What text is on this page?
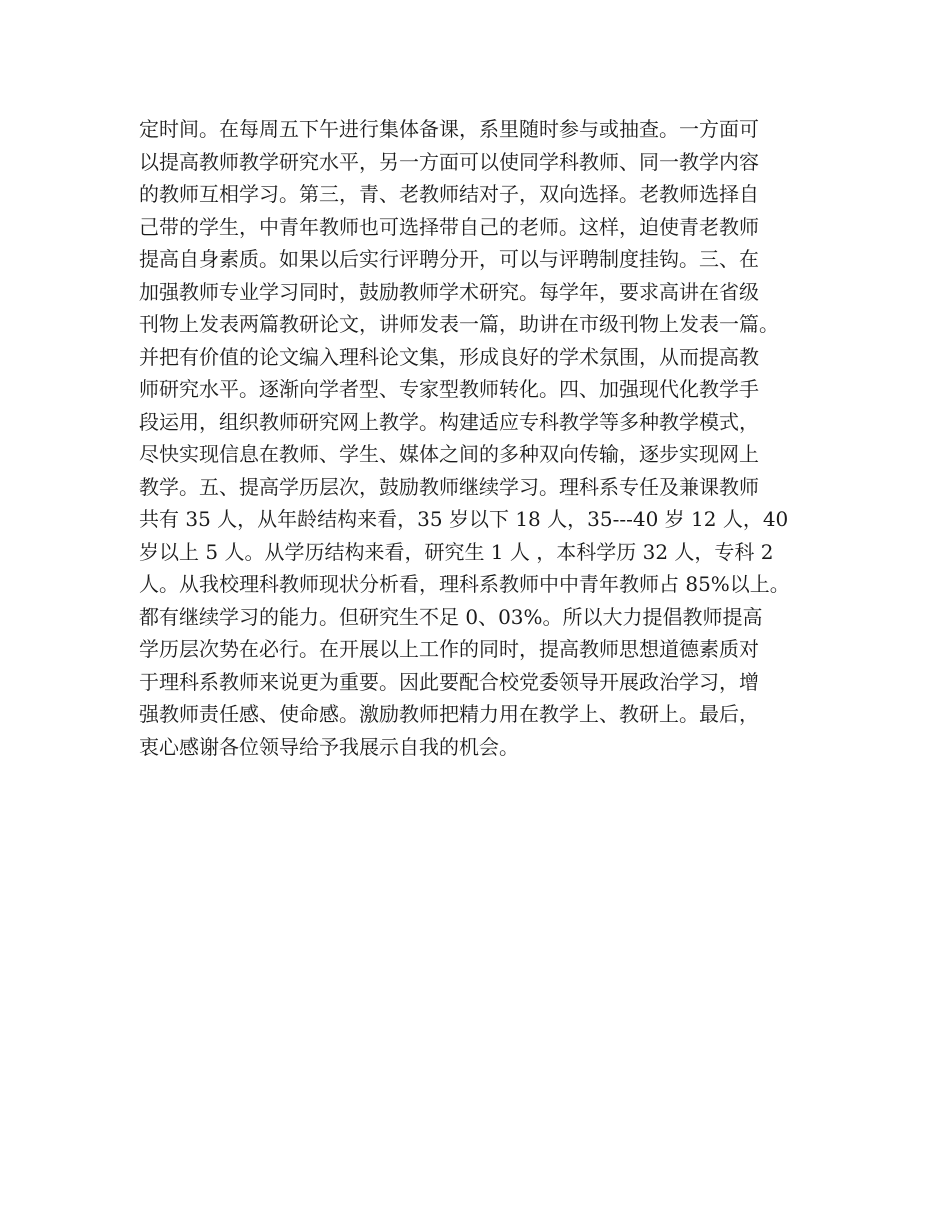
定时间。在每周五下午进行集体备课，系里随时参与或抽查。一方面可
以提高教师教学研究水平，另一方面可以使同学科教师、同一教学内容
的教师互相学习。第三，青、老教师结对子，双向选择。老教师选择自
己带的学生，中青年教师也可选择带自己的老师。这样，迫使青老教师
提高自身素质。如果以后实行评聘分开，可以与评聘制度挂钩。三、在
加强教师专业学习同时，鼓励教师学术研究。每学年，要求高讲在省级
刊物上发表两篇教研论文，讲师发表一篇，助讲在市级刊物上发表一篇。
并把有价值的论文编入理科论文集，形成良好的学术氛围，从而提高教
师研究水平。逐渐向学者型、专家型教师转化。四、加强现代化教学手
段运用，组织教师研究网上教学。构建适应专科教学等多种教学模式，
尽快实现信息在教师、学生、媒体之间的多种双向传输，逐步实现网上
教学。五、提高学历层次，鼓励教师继续学习。理科系专任及兼课教师
共有 35 人，从年龄结构来看，35 岁以下 18 人，35---40 岁 12 人，40
岁以上 5 人。从学历结构来看，研究生 1 人 ，本科学历 32 人，专科 2
人。从我校理科教师现状分析看，理科系教师中中青年教师占 85%以上。
都有继续学习的能力。但研究生不足 0、03%。所以大力提倡教师提高
学历层次势在必行。在开展以上工作的同时，提高教师思想道德素质对
于理科系教师来说更为重要。因此要配合校党委领导开展政治学习，增
强教师责任感、使命感。激励教师把精力用在教学上、教研上。最后，
衷心感谢各位领导给予我展示自我的机会。
